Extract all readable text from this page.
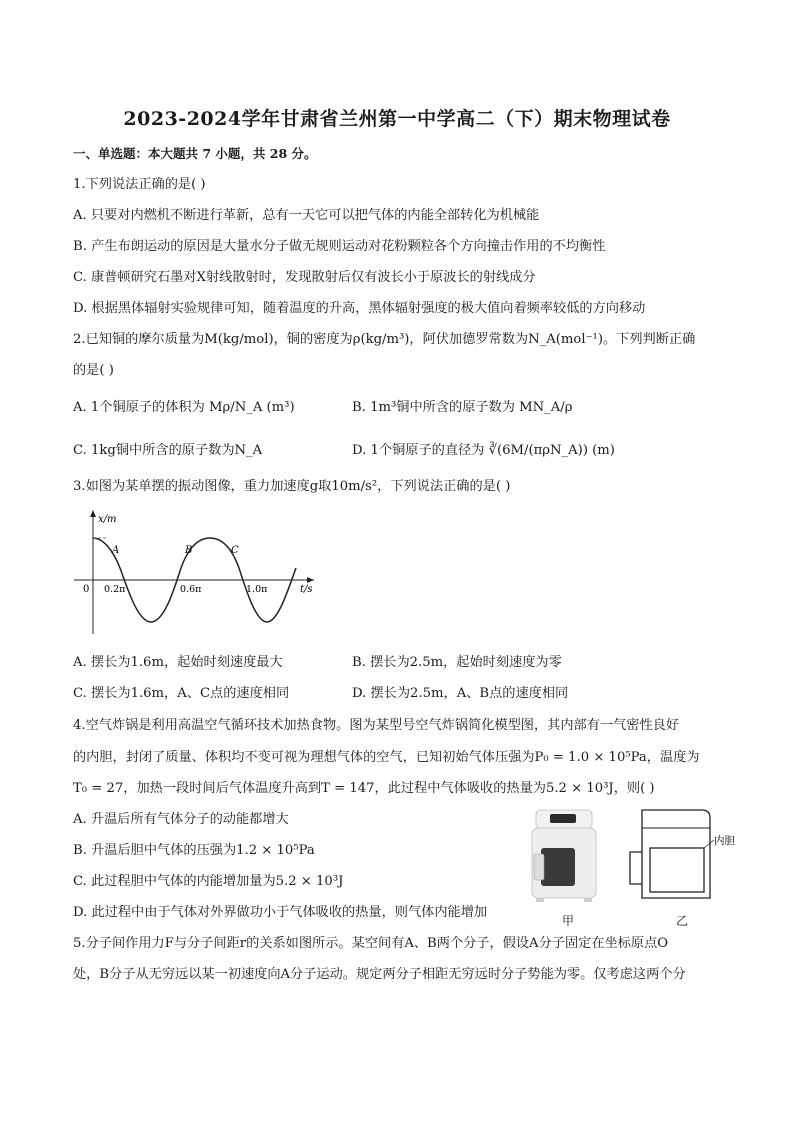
2023-2024学年甘肃省兰州第一中学高二（下）期末物理试卷
一、单选题：本大题共 7 小题，共 28 分。
1.下列说法正确的是( )
A. 只要对内燃机不断进行革新，总有一天它可以把气体的内能全部转化为机械能
B. 产生布朗运动的原因是大量水分子做无规则运动对花粉颗粒各个方向撞击作用的不均衡性
C. 康普顿研究石墨对X射线散射时，发现散射后仅有波长小于原波长的射线成分
D. 根据黑体辐射实验规律可知，随着温度的升高，黑体辐射强度的极大值向着频率较低的方向移动
2.已知铜的摩尔质量为M(kg/mol)，铜的密度为ρ(kg/m³)，阿伏加德罗常数为N_A(mol⁻¹)。下列判断正确
的是( )
A. 1个铜原子的体积为 Mρ/N_A (m³)	B. 1m³铜中所含的原子数为 MN_A/ρ
C. 1kg铜中所含的原子数为N_A	D. 1个铜原子的直径为 ∛(6M/(πρN_A)) (m)
3.如图为某单摆的振动图像，重力加速度g取10m/s²，下列说法正确的是( )
x/m
t/s
0 0.2π	0.6π	1.0π
A	B	C
A. 摆长为1.6m，起始时刻速度最大	B. 摆长为2.5m，起始时刻速度为零
C. 摆长为1.6m，A、C点的速度相同	D. 摆长为2.5m，A、B点的速度相同
4.空气炸锅是利用高温空气循环技术加热食物。图为某型号空气炸锅简化模型图，其内部有一气密性良好
的内胆，封闭了质量、体积均不变可视为理想气体的空气，已知初始气体压强为P₀ = 1.0 × 10⁵Pa，温度为
T₀ = 27，加热一段时间后气体温度升高到T = 147，此过程中气体吸收的热量为5.2 × 10³J，则( )
A. 升温后所有气体分子的动能都增大
B. 升温后胆中气体的压强为1.2 × 10⁵Pa
C. 此过程胆中气体的内能增加量为5.2 × 10³J
D. 此过程中由于气体对外界做功小于气体吸收的热量，则气体内能增加
内胆
甲	乙
5.分子间作用力F与分子间距r的关系如图所示。某空间有A、B两个分子，假设A分子固定在坐标原点O
处，B分子从无穷远以某一初速度向A分子运动。规定两分子相距无穷远时分子势能为零。仅考虑这两个分
